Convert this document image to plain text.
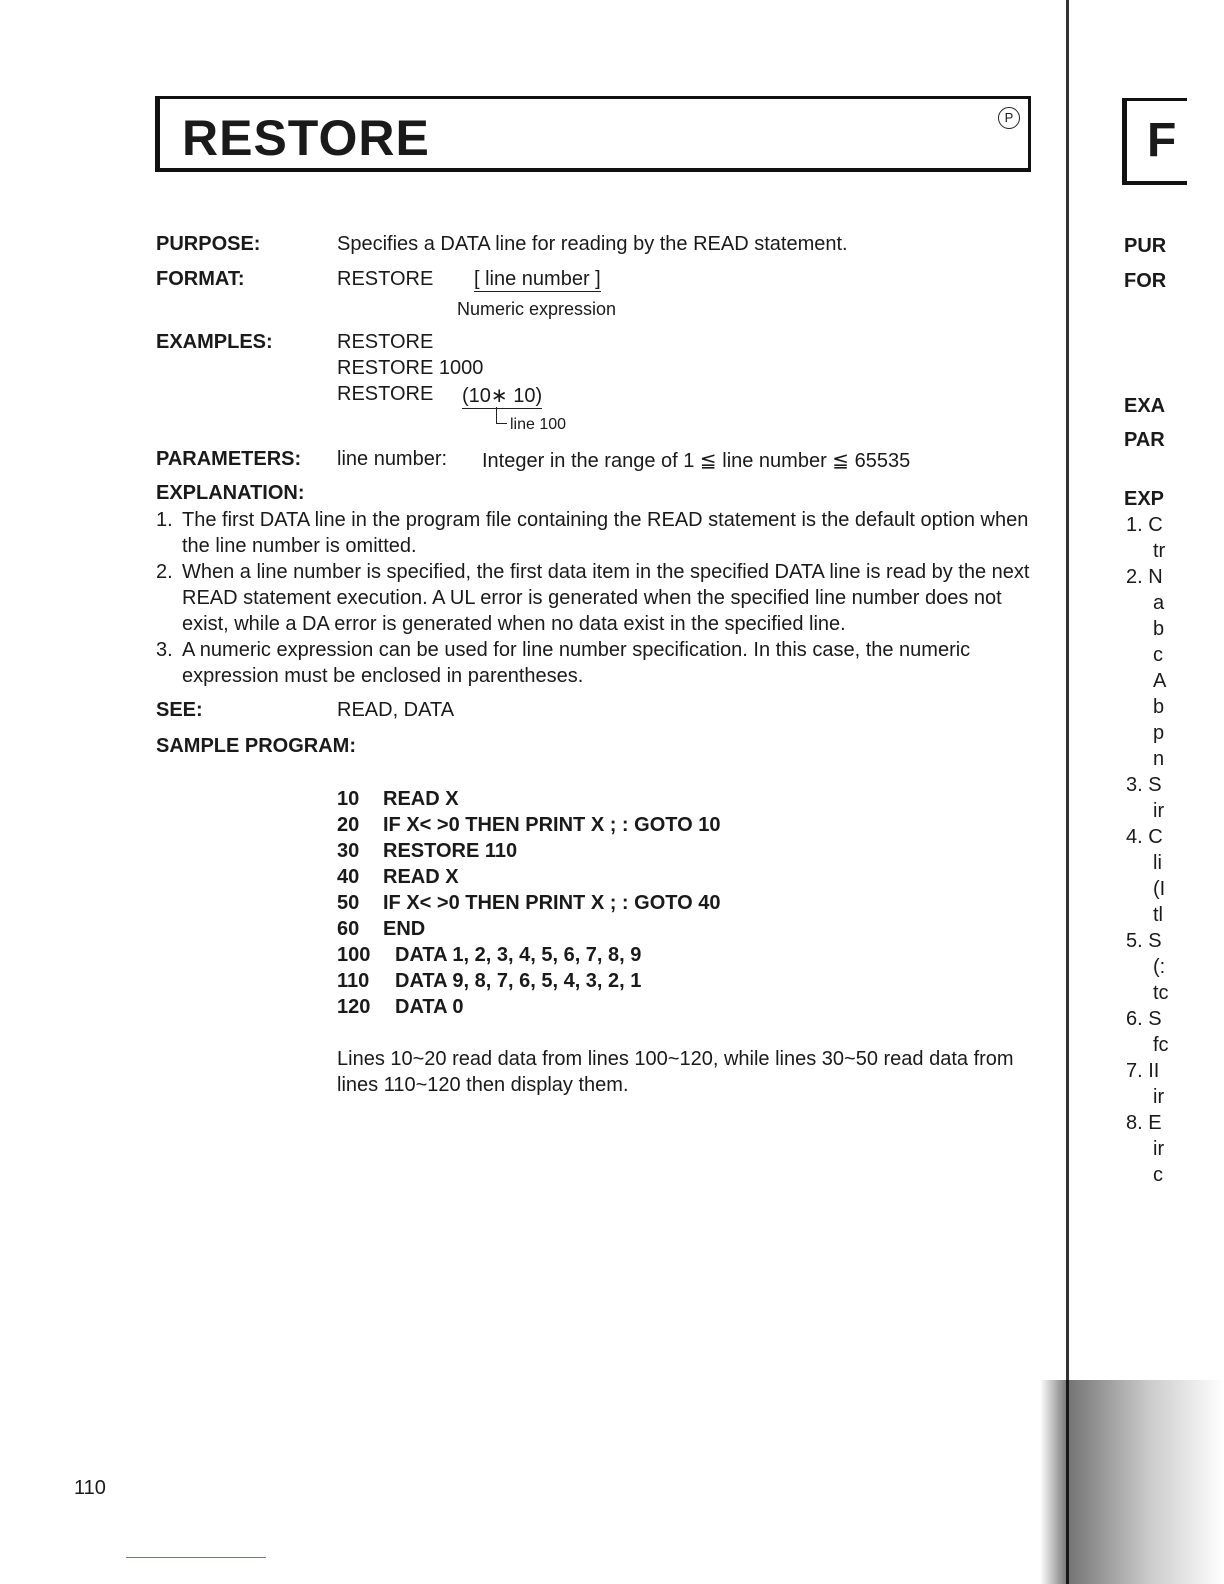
RESTORE	P
PURPOSE:	Specifies a DATA line for reading by the READ statement.
FORMAT:	RESTORE [ line number ]
Numeric expression
EXAMPLES:	RESTORE
RESTORE 1000
RESTORE (10∗ 10)
line 100
PARAMETERS: line number: Integer in the range of 1 ≦ line number ≦ 65535
EXPLANATION:
1. The first DATA line in the program file containing the READ statement is the default option when the line number is omitted.
2. When a line number is specified, the first data item in the specified DATA line is read by the next READ statement execution. A UL error is generated when the specified line number does not exist, while a DA error is generated when no data exist in the specified line.
3. A numeric expression can be used for line number specification. In this case, the numeric expression must be enclosed in parentheses.
SEE:	READ, DATA
SAMPLE PROGRAM:
10 READ X
20 IF X< >0 THEN PRINT X ; : GOTO 10
30 RESTORE 110
40 READ X
50 IF X< >0 THEN PRINT X ; : GOTO 40
60 END
100 DATA 1, 2, 3, 4, 5, 6, 7, 8, 9
110 DATA 9, 8, 7, 6, 5, 4, 3, 2, 1
120 DATA 0
Lines 10~20 read data from lines 100~120, while lines 30~50 read data from lines 110~120 then display them.
110
F
PUR
FOR
EXA
PAR
EXP
1. C
tr
2. N
a
b
c
A
b
p
n
3. S
ir
4. C
li
(I
tl
5. S
(:
tc
6. S
fc
7. II
ir
8. E
ir
c
